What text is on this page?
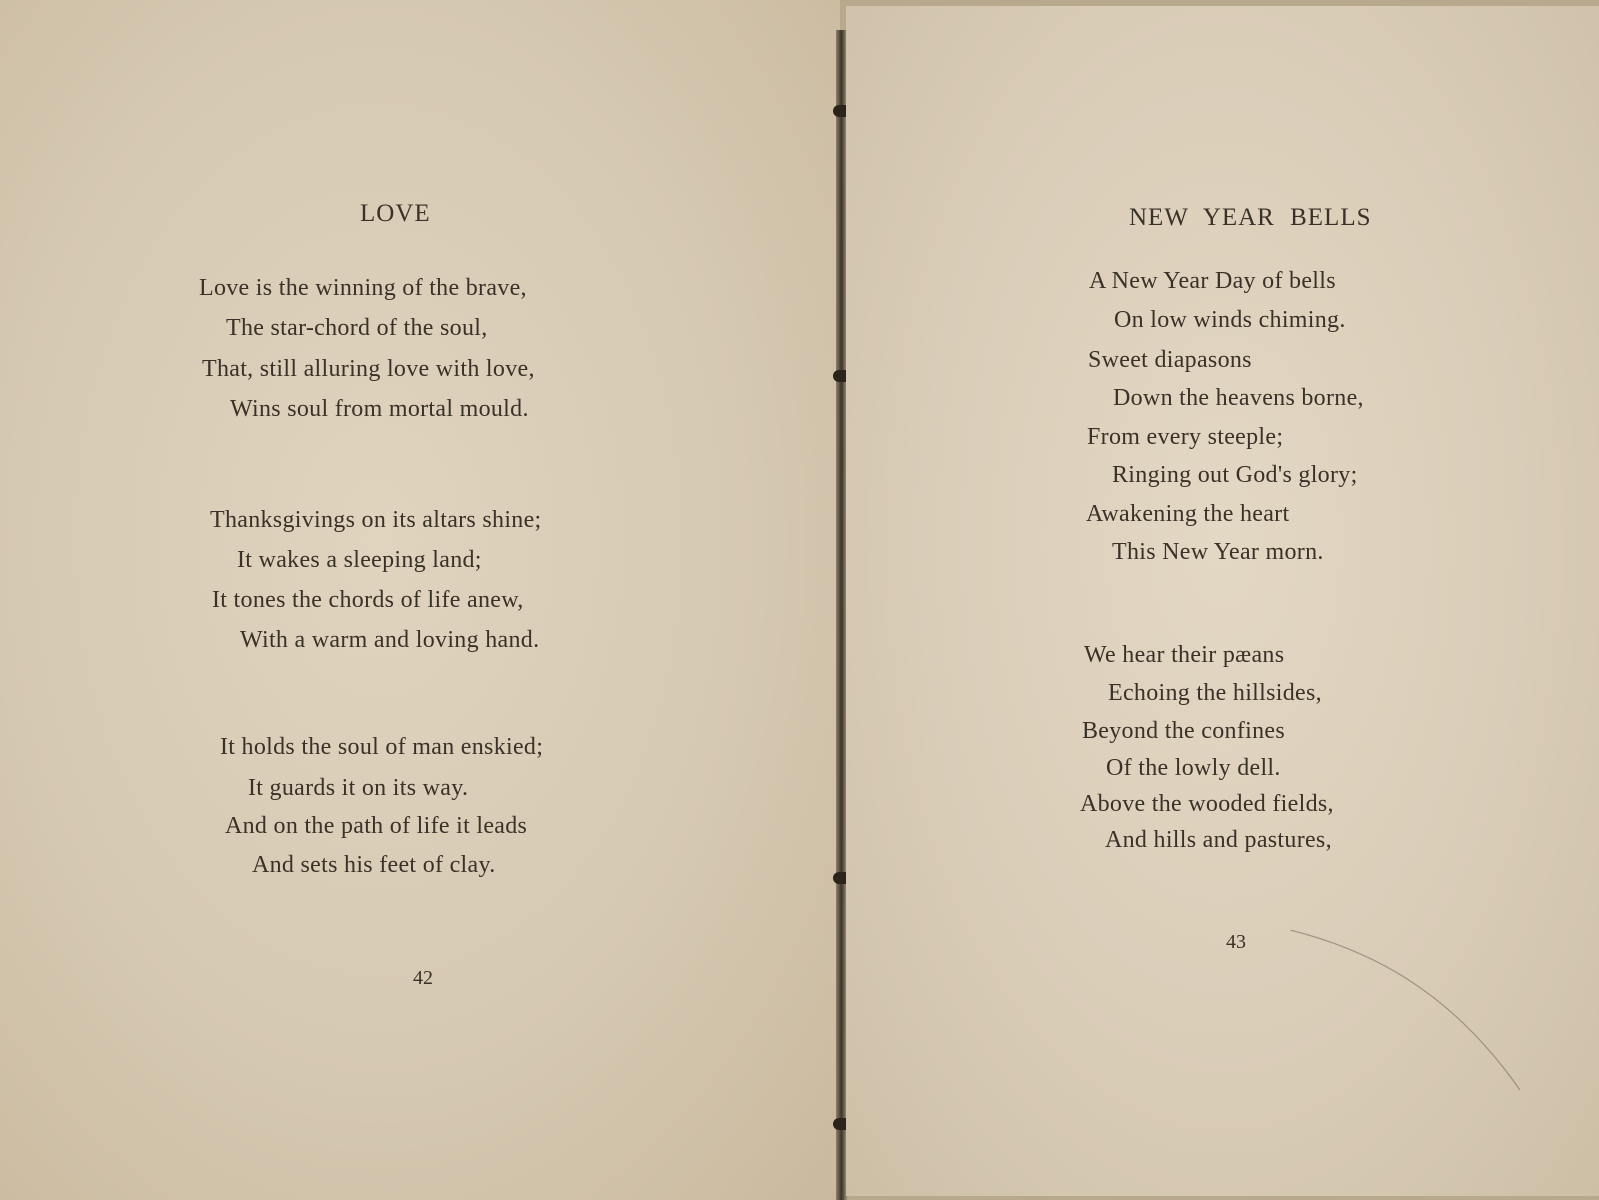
LOVE
Love is the winning of the brave,
The star-chord of the soul,
That, still alluring love with love,
Wins soul from mortal mould.
Thanksgivings on its altars shine;
It wakes a sleeping land;
It tones the chords of life anew,
With a warm and loving hand.
It holds the soul of man enskied;
It guards it on its way.
And on the path of life it leads
And sets his feet of clay.
42
NEW YEAR BELLS
A New Year Day of bells
On low winds chiming.
Sweet diapasons
Down the heavens borne,
From every steeple;
Ringing out God's glory;
Awakening the heart
This New Year morn.
We hear their pæans
Echoing the hillsides,
Beyond the confines
Of the lowly dell.
Above the wooded fields,
And hills and pastures,
43
